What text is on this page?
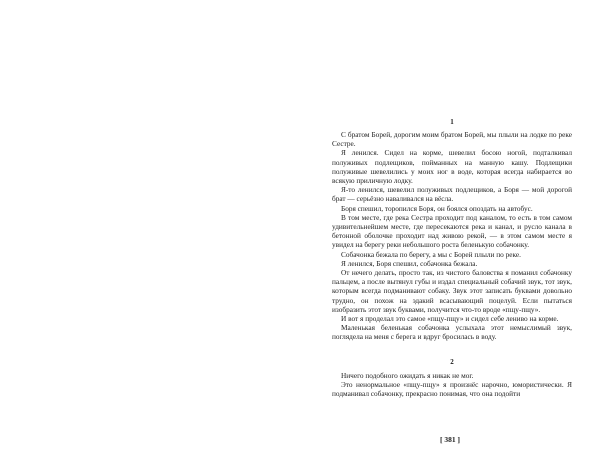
1

С братом Борей, дорогим моим братом Борей, мы плыли на лодке по реке Сестре.

Я ленился. Сидел на корме, шевелил босою ногой, подталкивал полуживых подлещиков, пойманных на манную кашу. Подлещики полуживые шевелились у моих ног в воде, которая всегда набирается во всякую приличную лодку.

Я-то ленился, шевелил полуживых подлещиков, а Боря — мой дорогой брат — серьёзно наваливался на вёсла.

Боря спешил, торопился Боря, он боялся опоздать на автобус.

В том месте, где река Сестра проходит под каналом, то есть в том самом удивительнейшем месте, где пересекаются река и канал, и русло канала в бетонной оболочке проходит над живою рекой, — в этом самом месте я увидел на берегу реки небольшого роста беленькую собачонку.

Собачонка бежала по берегу, а мы с Борей плыли по реке.

Я ленился, Боря спешил, собачонка бежала.

От нечего делать, просто так, из чистого баловства я поманил собачонку пальцем, а после вытянул губы и издал специальный собачий звук, тот звук, которым всегда подманивают собаку. Звук этот записать буквами довольно трудно, он похож на эдакий всасывающий поцелуй. Если пытаться изобразить этот звук буквами, получится что-то вроде «пщу-пщу».

И вот я проделал это самое «пщу-пщу» и сидел себе лениво на корме.

Маленькая беленькая собачонка услыхала этот немыслимый звук, поглядела на меня с берега и вдруг бросилась в воду.

2

Ничего подобного ожидать я никак не мог.

Это ненормальное «пщу-пщу» я произнёс нарочно, юмористически. Я подманивал собачонку, прекрасно понимая, что она подойти

[ 381 ]
